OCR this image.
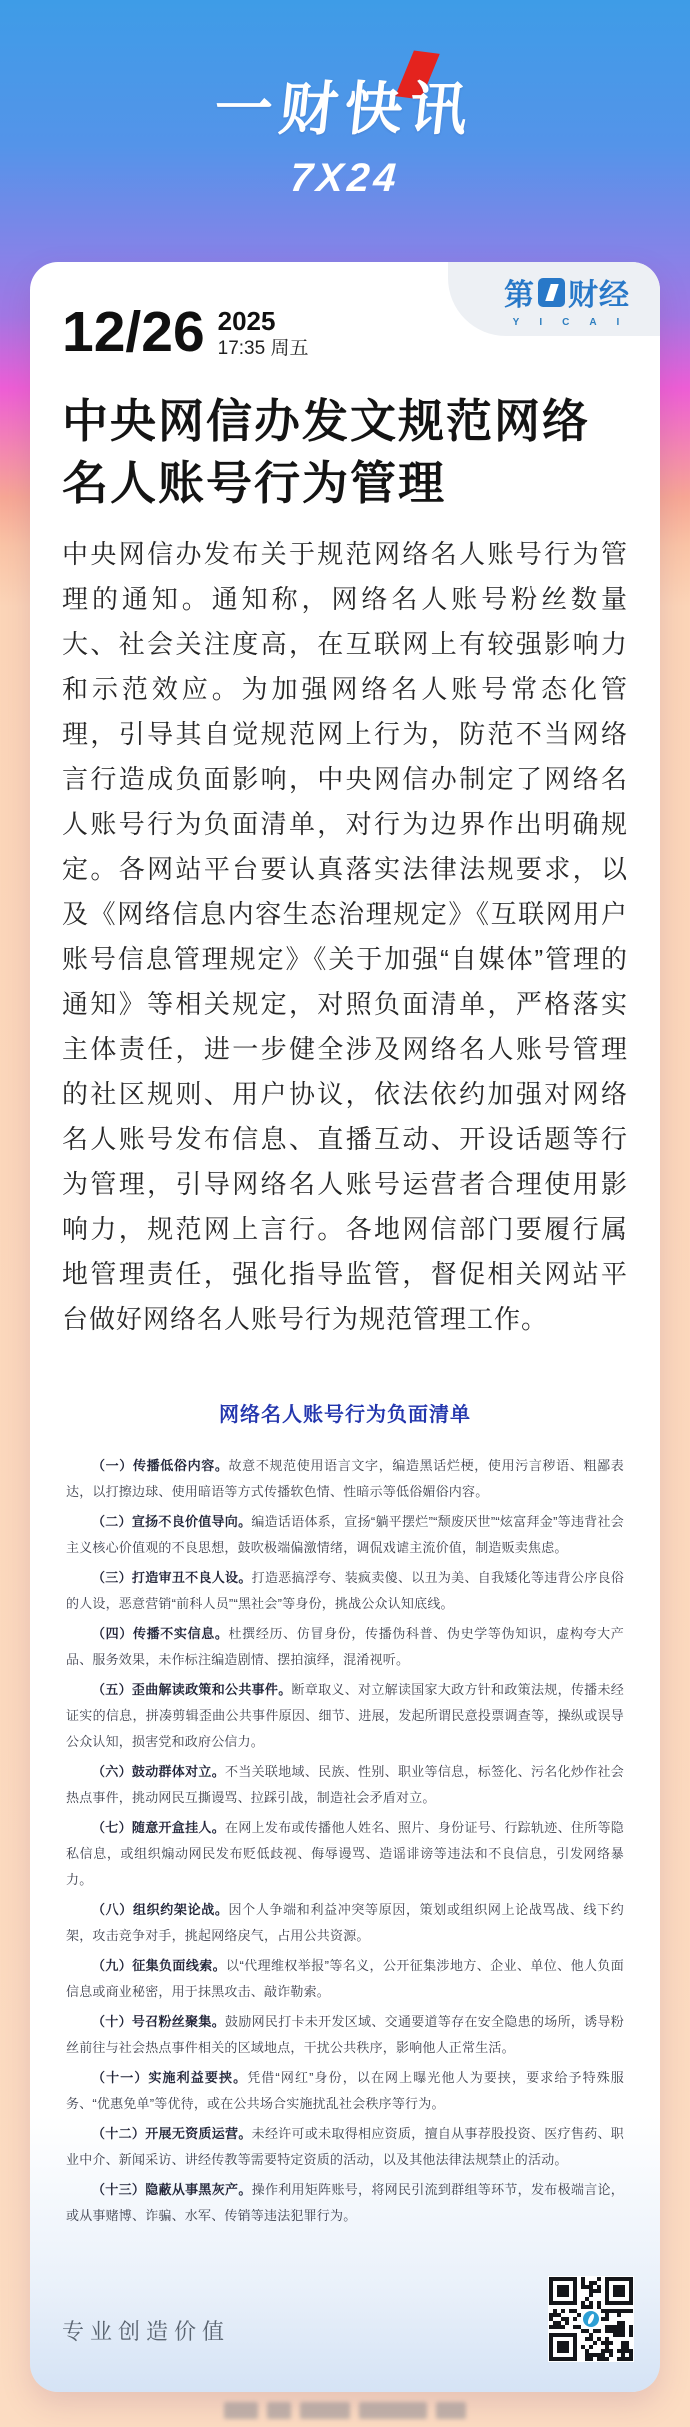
一财快讯
7X24
第 财经
YICAI
12/26 2025
17:35 周五
中央网信办发文规范网络名人账号行为管理

中央网信办发布关于规范网络名人账号行为管理的通知。通知称，网络名人账号粉丝数量大、社会关注度高，在互联网上有较强影响力和示范效应。为加强网络名人账号常态化管理，引导其自觉规范网上行为，防范不当网络言行造成负面影响，中央网信办制定了网络名人账号行为负面清单，对行为边界作出明确规定。各网站平台要认真落实法律法规要求，以及《网络信息内容生态治理规定》《互联网用户账号信息管理规定》《关于加强“自媒体”管理的通知》等相关规定，对照负面清单，严格落实主体责任，进一步健全涉及网络名人账号管理的社区规则、用户协议，依法依约加强对网络名人账号发布信息、直播互动、开设话题等行为管理，引导网络名人账号运营者合理使用影响力，规范网上言行。各地网信部门要履行属地管理责任，强化指导监管，督促相关网站平台做好网络名人账号行为规范管理工作。

网络名人账号行为负面清单

（一）传播低俗内容。故意不规范使用语言文字，编造黑话烂梗，使用污言秽语、粗鄙表达，以打擦边球、使用暗语等方式传播软色情、性暗示等低俗媚俗内容。

（二）宣扬不良价值导向。编造话语体系，宣扬“躺平摆烂”“颓废厌世”“炫富拜金”等违背社会主义核心价值观的不良思想，鼓吹极端偏激情绪，调侃戏谑主流价值，制造贩卖焦虑。

（三）打造审丑不良人设。打造恶搞浮夸、装疯卖傻、以丑为美、自我矮化等违背公序良俗的人设，恶意营销“前科人员”“黑社会”等身份，挑战公众认知底线。

（四）传播不实信息。杜撰经历、仿冒身份，传播伪科普、伪史学等伪知识，虚构夸大产品、服务效果，未作标注编造剧情、摆拍演绎，混淆视听。

（五）歪曲解读政策和公共事件。断章取义、对立解读国家大政方针和政策法规，传播未经证实的信息，拼凑剪辑歪曲公共事件原因、细节、进展，发起所谓民意投票调查等，操纵或误导公众认知，损害党和政府公信力。

（六）鼓动群体对立。不当关联地域、民族、性别、职业等信息，标签化、污名化炒作社会热点事件，挑动网民互撕谩骂、拉踩引战，制造社会矛盾对立。

（七）随意开盒挂人。在网上发布或传播他人姓名、照片、身份证号、行踪轨迹、住所等隐私信息，或组织煽动网民发布贬低歧视、侮辱谩骂、造谣诽谤等违法和不良信息，引发网络暴力。

（八）组织约架论战。因个人争端和利益冲突等原因，策划或组织网上论战骂战、线下约架，攻击竞争对手，挑起网络戾气，占用公共资源。

（九）征集负面线索。以“代理维权举报”等名义，公开征集涉地方、企业、单位、他人负面信息或商业秘密，用于抹黑攻击、敲诈勒索。

（十）号召粉丝聚集。鼓励网民打卡未开发区域、交通要道等存在安全隐患的场所，诱导粉丝前往与社会热点事件相关的区域地点，干扰公共秩序，影响他人正常生活。

（十一）实施利益要挟。凭借“网红”身份，以在网上曝光他人为要挟，要求给予特殊服务、“优惠免单”等优待，或在公共场合实施扰乱社会秩序等行为。

（十二）开展无资质运营。未经许可或未取得相应资质，擅自从事荐股投资、医疗售药、职业中介、新闻采访、讲经传教等需要特定资质的活动，以及其他法律法规禁止的活动。

（十三）隐蔽从事黑灰产。操作利用矩阵账号，将网民引流到群组等环节，发布极端言论，或从事赌博、诈骗、水军、传销等违法犯罪行为。

专业创造价值
